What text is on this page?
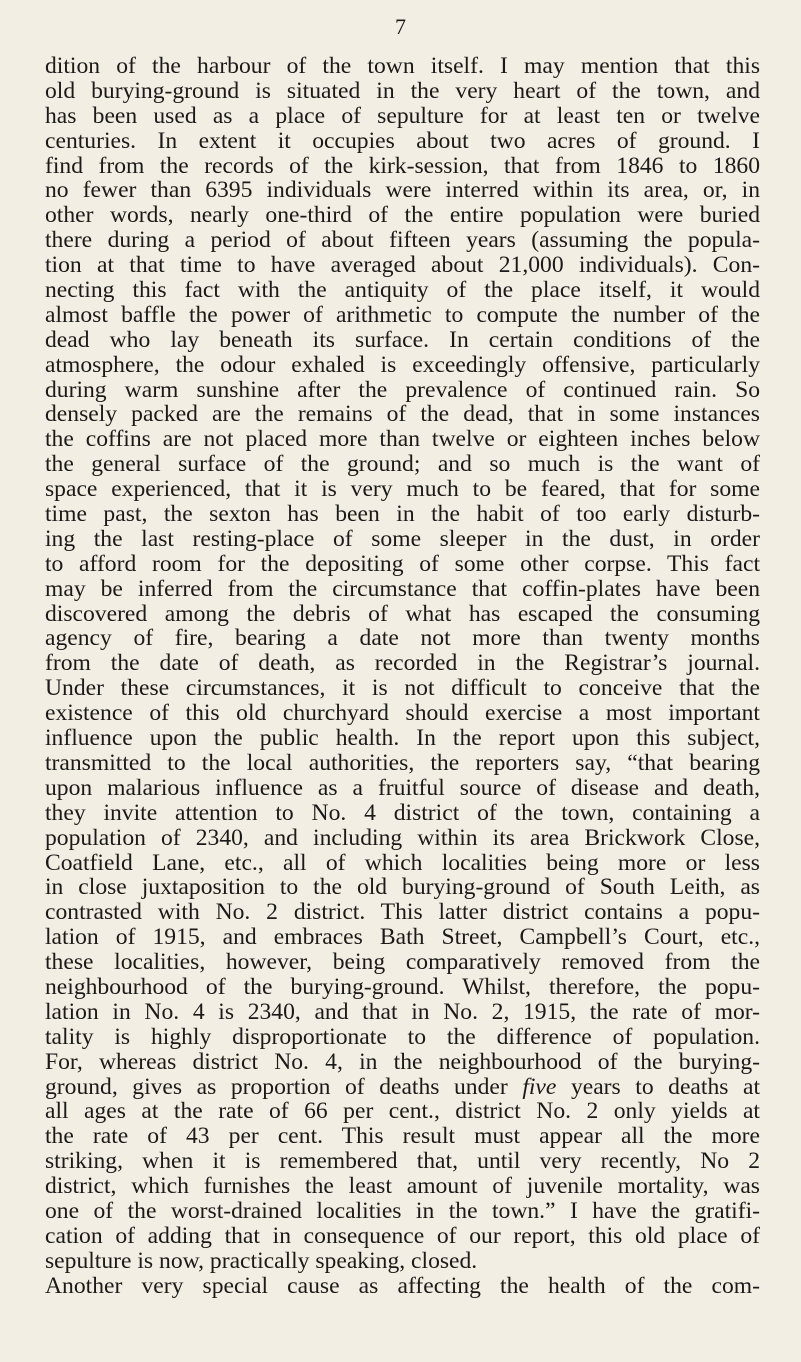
7
dition of the harbour of the town itself. I may mention that this
old burying-ground is situated in the very heart of the town, and
has been used as a place of sepulture for at least ten or twelve
centuries. In extent it occupies about two acres of ground. I
find from the records of the kirk-session, that from 1846 to 1860
no fewer than 6395 individuals were interred within its area, or, in
other words, nearly one-third of the entire population were buried
there during a period of about fifteen years (assuming the popula-
tion at that time to have averaged about 21,000 individuals). Con-
necting this fact with the antiquity of the place itself, it would
almost baffle the power of arithmetic to compute the number of the
dead who lay beneath its surface. In certain conditions of the
atmosphere, the odour exhaled is exceedingly offensive, particularly
during warm sunshine after the prevalence of continued rain. So
densely packed are the remains of the dead, that in some instances
the coffins are not placed more than twelve or eighteen inches below
the general surface of the ground; and so much is the want of
space experienced, that it is very much to be feared, that for some
time past, the sexton has been in the habit of too early disturb-
ing the last resting-place of some sleeper in the dust, in order
to afford room for the depositing of some other corpse. This fact
may be inferred from the circumstance that coffin-plates have been
discovered among the debris of what has escaped the consuming
agency of fire, bearing a date not more than twenty months
from the date of death, as recorded in the Registrar’s journal.
Under these circumstances, it is not difficult to conceive that the
existence of this old churchyard should exercise a most important
influence upon the public health. In the report upon this subject,
transmitted to the local authorities, the reporters say, “that bearing
upon malarious influence as a fruitful source of disease and death,
they invite attention to No. 4 district of the town, containing a
population of 2340, and including within its area Brickwork Close,
Coatfield Lane, etc., all of which localities being more or less
in close juxtaposition to the old burying-ground of South Leith, as
contrasted with No. 2 district. This latter district contains a popu-
lation of 1915, and embraces Bath Street, Campbell’s Court, etc.,
these localities, however, being comparatively removed from the
neighbourhood of the burying-ground. Whilst, therefore, the popu-
lation in No. 4 is 2340, and that in No. 2, 1915, the rate of mor-
tality is highly disproportionate to the difference of population.
For, whereas district No. 4, in the neighbourhood of the burying-
ground, gives as proportion of deaths under five years to deaths at
all ages at the rate of 66 per cent., district No. 2 only yields at
the rate of 43 per cent. This result must appear all the more
striking, when it is remembered that, until very recently, No 2
district, which furnishes the least amount of juvenile mortality, was
one of the worst-drained localities in the town.” I have the gratifi-
cation of adding that in consequence of our report, this old place of
sepulture is now, practically speaking, closed.
Another very special cause as affecting the health of the com-
